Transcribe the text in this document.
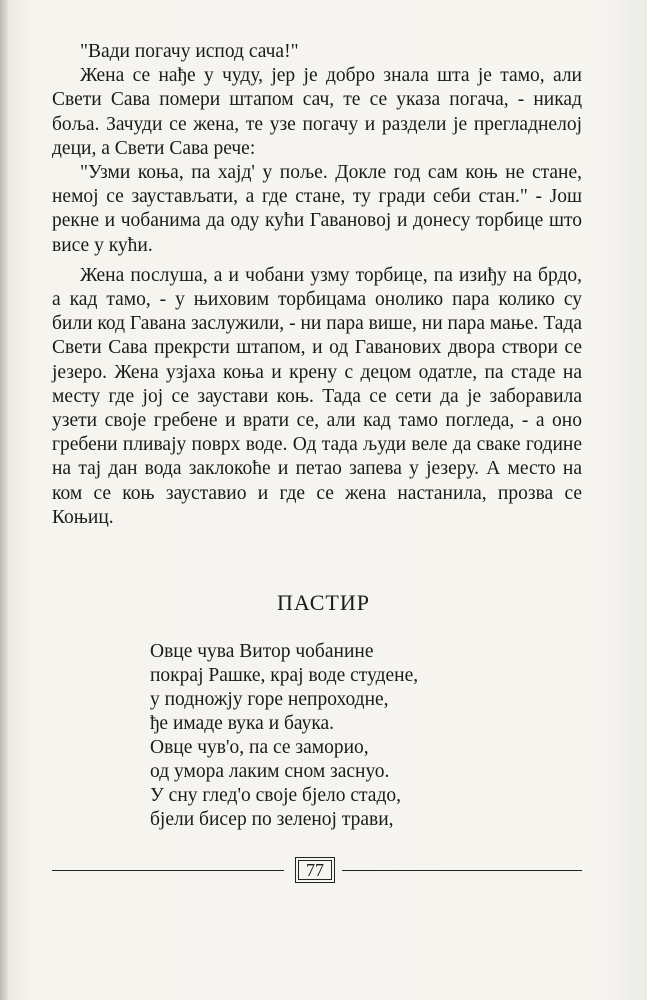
"Вади погачу испод сача!"

Жена се нађе у чуду, јер је добро знала шта је тамо, али Свети Сава помери штапом сач, те се указа погача, - никад боља. Зачуди се жена, те узе погачу и раздели је прегладнелој деци, а Свети Сава рече:

"Узми коња, па хајд' у поље. Докле год сам коњ не стане, немој се заустављати, а где стане, ту гради себи стан." - Још рекне и чобанима да оду кући Гавановој и донесу торбице што висе у кући.

Жена послуша, а и чобани узму торбице, па изиђу на брдо, а кад тамо, - у њиховим торбицама онолико пара колико су били код Гавана заслужили, - ни пара више, ни пара мање. Тада Свети Сава прекрсти штапом, и од Гаванових двора створи се језеро. Жена узјаха коња и крену с децом одатле, па стаде на месту где јој се заустави коњ. Тада се сети да је заборавила узети своје гребене и врати се, али кад тамо погледа, - а оно гребени пливају поврх воде. Од тада људи веле да сваке године на тај дан вода заклокоће и петао запева у језеру. А место на ком се коњ зауставио и где се жена настанила, прозва се Коњиц.

ПАСТИР
Овце чува Витор чобанине
покрај Рашке, крај воде студене,
у подножју горе непроходне,
ђе имаде вука и баука.
Овце чув'о, па се заморио,
од умора лаким сном заснуо.
У сну глед'о своје бјело стадо,
бјели бисер по зеленој трави,
77
